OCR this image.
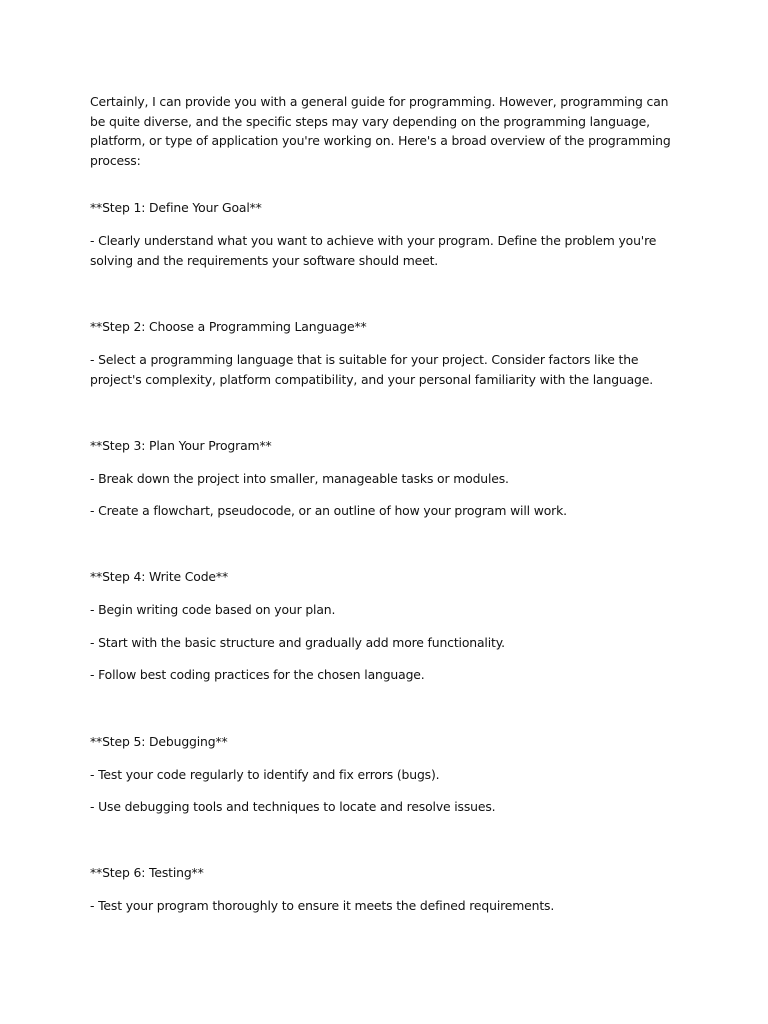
Certainly, I can provide you with a general guide for programming. However, programming can be quite diverse, and the specific steps may vary depending on the programming language, platform, or type of application you're working on. Here's a broad overview of the programming process:

**Step 1: Define Your Goal**

- Clearly understand what you want to achieve with your program. Define the problem you're solving and the requirements your software should meet.

**Step 2: Choose a Programming Language**

- Select a programming language that is suitable for your project. Consider factors like the project's complexity, platform compatibility, and your personal familiarity with the language.

**Step 3: Plan Your Program**

- Break down the project into smaller, manageable tasks or modules.

- Create a flowchart, pseudocode, or an outline of how your program will work.

**Step 4: Write Code**

- Begin writing code based on your plan.

- Start with the basic structure and gradually add more functionality.

- Follow best coding practices for the chosen language.

**Step 5: Debugging**

- Test your code regularly to identify and fix errors (bugs).

- Use debugging tools and techniques to locate and resolve issues.

**Step 6: Testing**

- Test your program thoroughly to ensure it meets the defined requirements.
